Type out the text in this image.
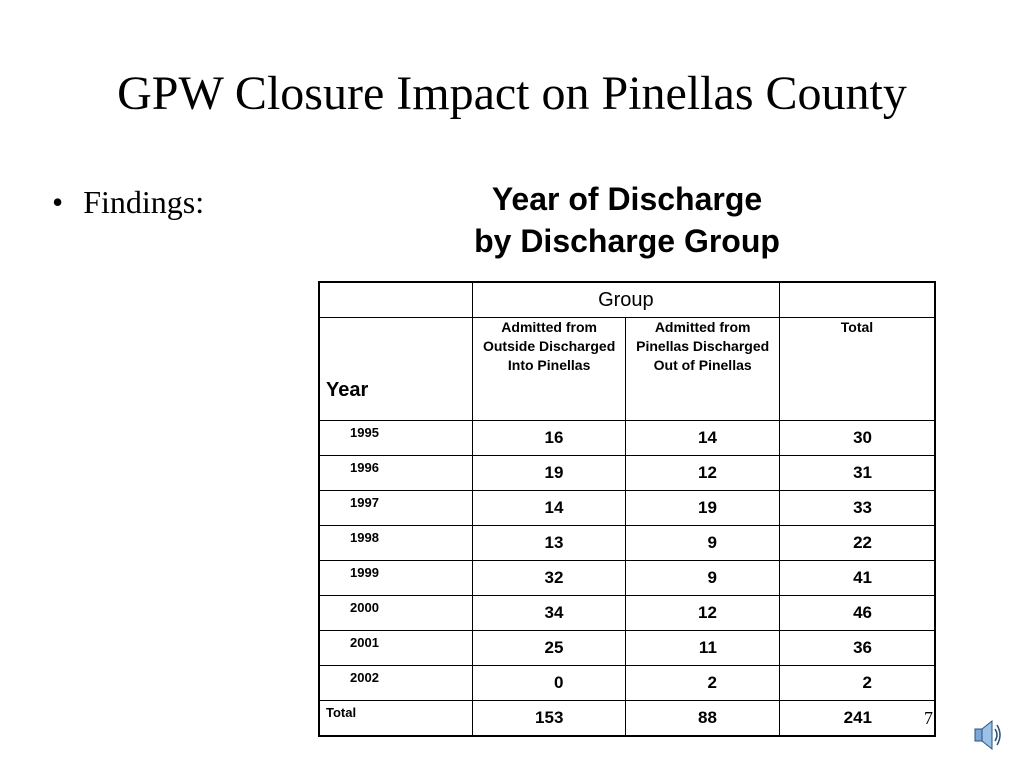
GPW Closure Impact on Pinellas County
• Findings:	Year of Discharge
by Discharge Group
	Group		
Year	Admitted from Outside Discharged Into Pinellas	Admitted from Pinellas Discharged Out of Pinellas	Total
1995	16	14	30
1996	19	12	31
1997	14	19	33
1998	13	9	22
1999	32	9	41
2000	34	12	46
2001	25	11	36
2002	0	2	2
Total	153	88	241	7
